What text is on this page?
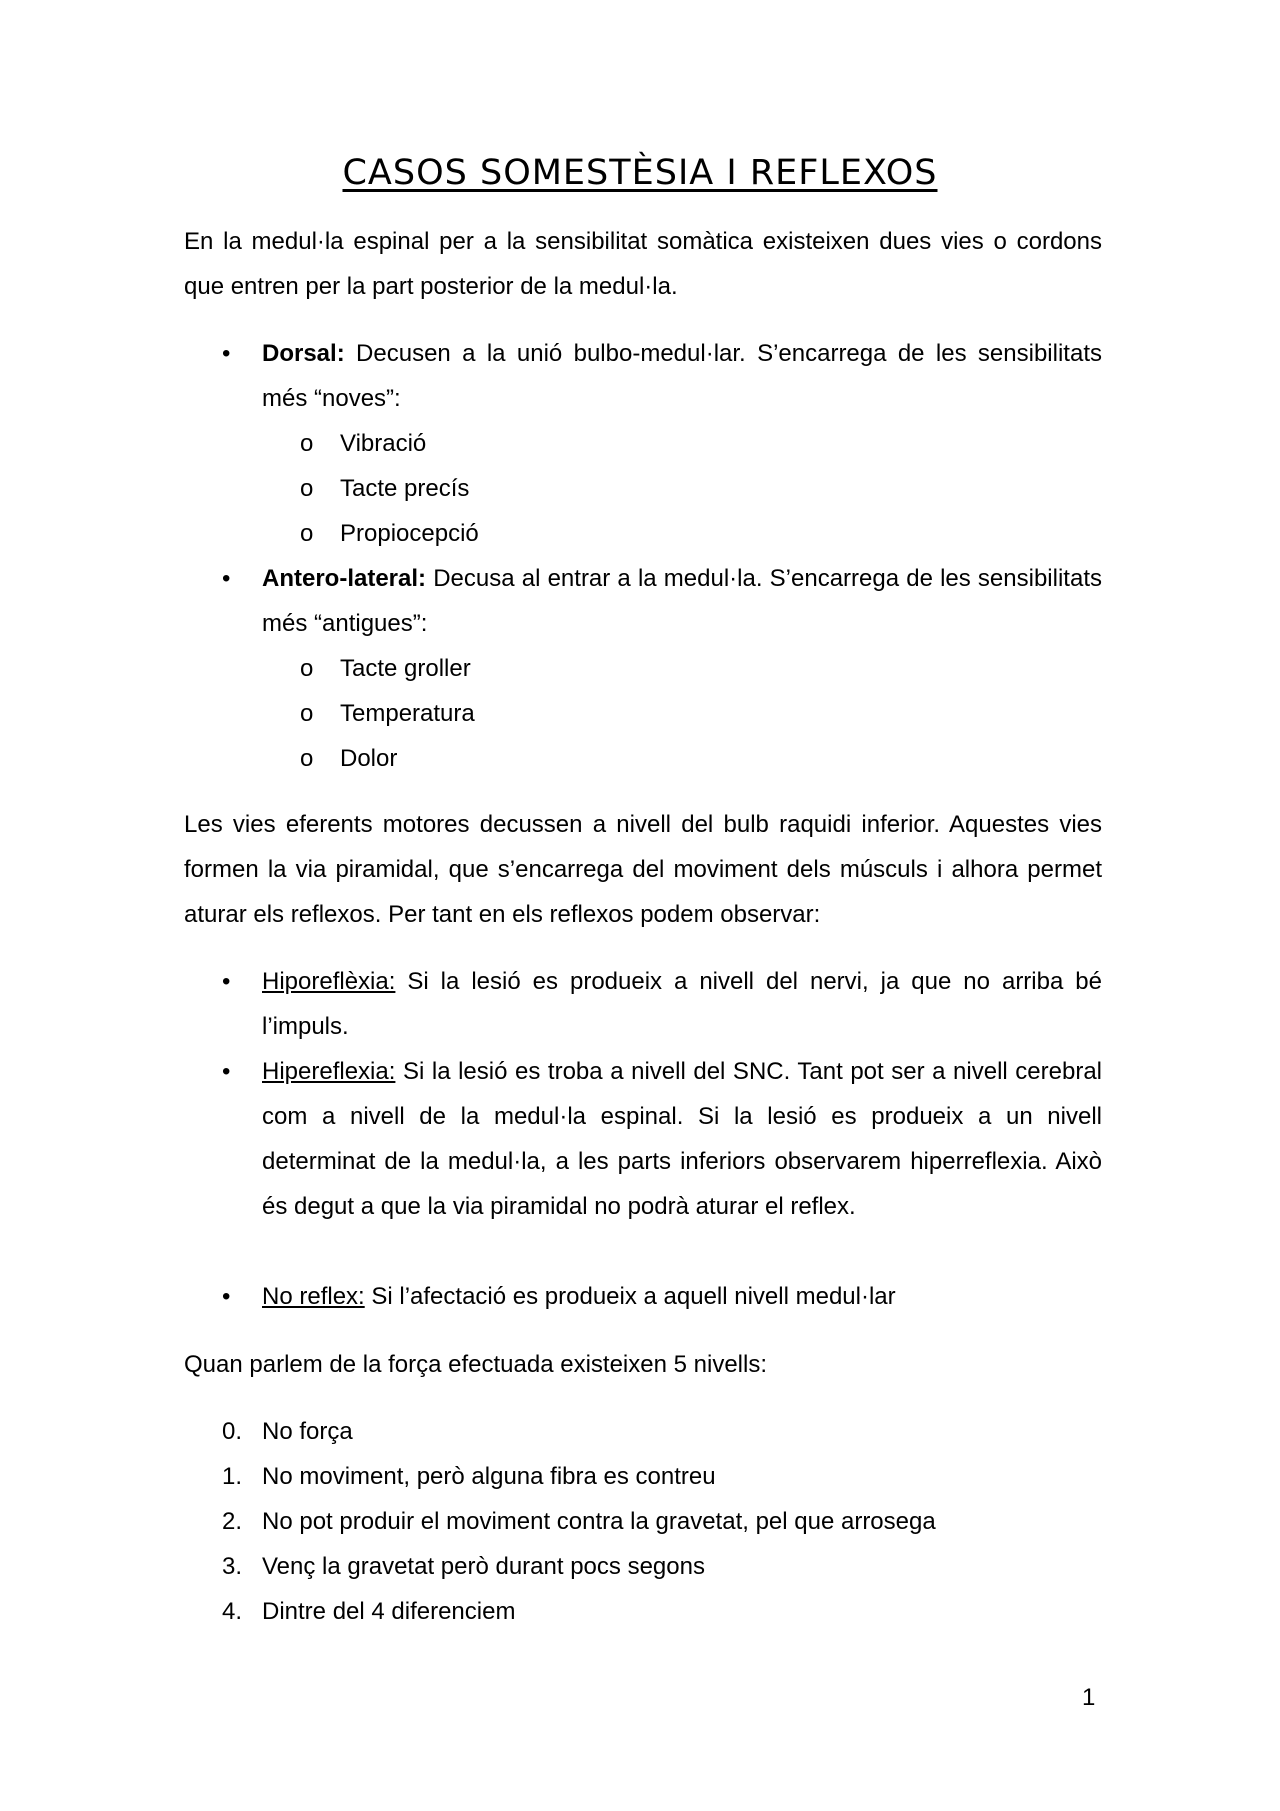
CASOS SOMESTÈSIA I REFLEXOS
En la medul·la espinal per a la sensibilitat somàtica existeixen dues vies o cordons que entren per la part posterior de la medul·la.
•	Dorsal: Decusen a la unió bulbo-medul·lar. S’encarrega de les sensibilitats més “noves”:
o Vibració
o Tacte precís
o Propiocepció
•	Antero-lateral: Decusa al entrar a la medul·la. S’encarrega de les sensibilitats més “antigues”:
o Tacte groller
o Temperatura
o Dolor
Les vies eferents motores decussen a nivell del bulb raquidi inferior. Aquestes vies formen la via piramidal, que s’encarrega del moviment dels músculs i alhora permet aturar els reflexos. Per tant en els reflexos podem observar:
•	Hiporeflèxia: Si la lesió es produeix a nivell del nervi, ja que no arriba bé l’impuls.
•	Hipereflexia: Si la lesió es troba a nivell del SNC. Tant pot ser a nivell cerebral com a nivell de la medul·la espinal. Si la lesió es produeix a un nivell determinat de la medul·la, a les parts inferiors observarem hiperreflexia. Això és degut a que la via piramidal no podrà aturar el reflex.
•	No reflex: Si l’afectació es produeix a aquell nivell medul·lar
Quan parlem de la força efectuada existeixen 5 nivells:
0. No força
1. No moviment, però alguna fibra es contreu
2. No pot produir el moviment contra la gravetat, pel que arrosega
3. Venç la gravetat però durant pocs segons
4. Dintre del 4 diferenciem
1
